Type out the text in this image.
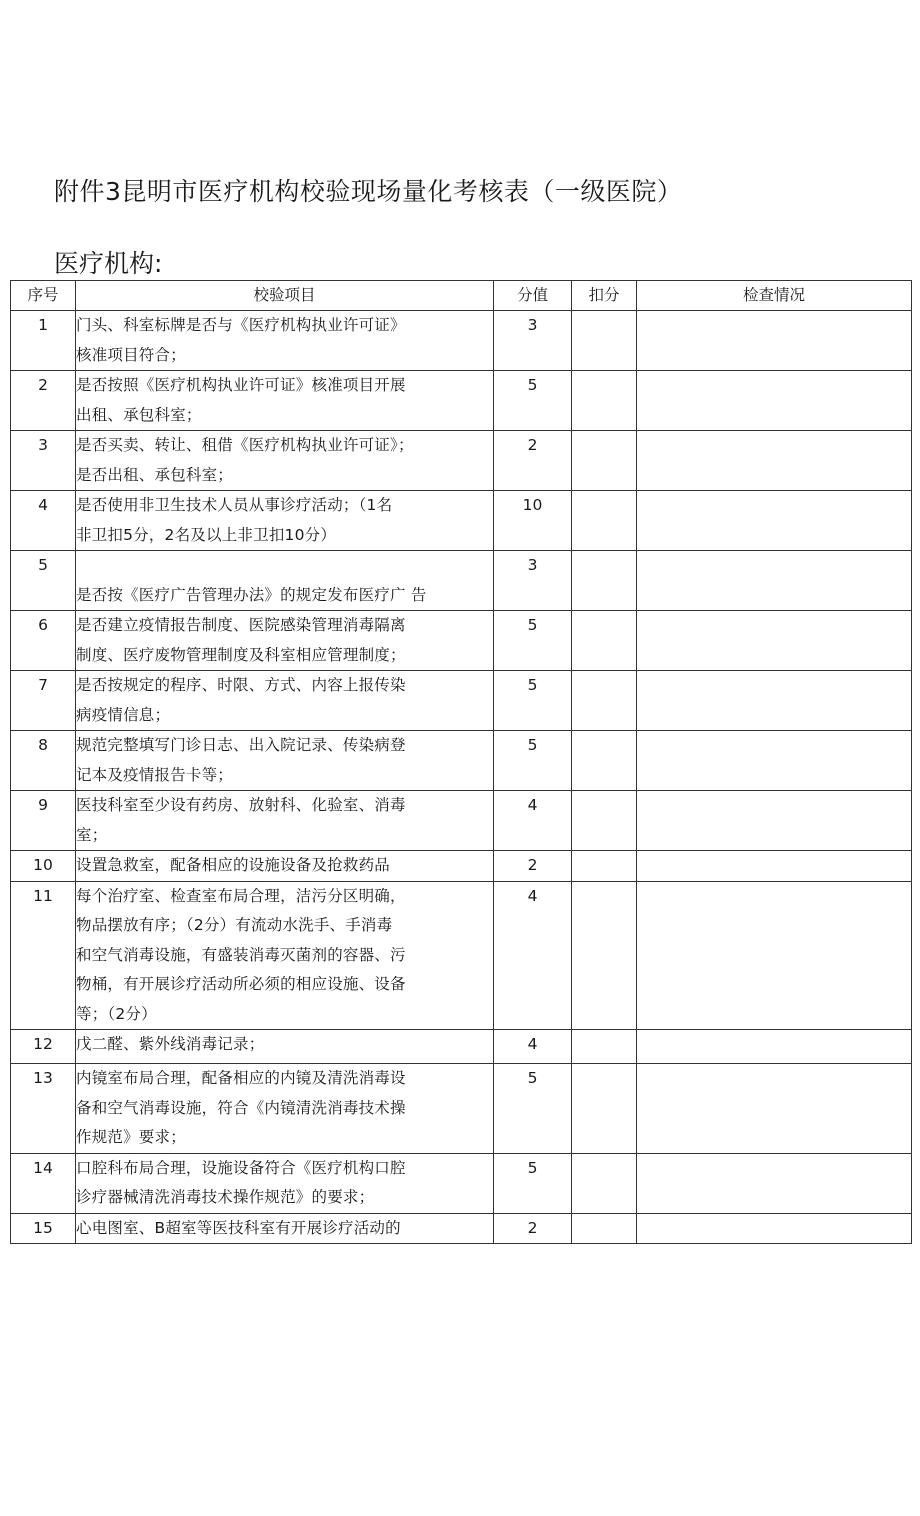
附件3昆明市医疗机构校验现场量化考核表（一级医院）
医疗机构:
序号	校验项目	分值	扣分	检查情况
1	门头、科室标牌是否与《医疗机构执业许可证》
核准项目符合；	3		
2	是否按照《医疗机构执业许可证》核准项目开展
出租、承包科室；	5		
3	是否买卖、转让、租借《医疗机构执业许可证》；
是否出租、承包科室；	2		
4	是否使用非卫生技术人员从事诊疗活动；（1名
非卫扣5分，2名及以上非卫扣10分）	10		
5	是否按《医疗广告管理办法》的规定发布医疗广 告	3		
6	是否建立疫情报告制度、医院感染管理消毒隔离
制度、医疗废物管理制度及科室相应管理制度；	5		
7	是否按规定的程序、时限、方式、内容上报传染
病疫情信息；	5		
8	规范完整填写门诊日志、出入院记录、传染病登
记本及疫情报告卡等；	5		
9	医技科室至少设有药房、放射科、化验室、消毒
室；	4		
10	设置急救室，配备相应的设施设备及抢救药品	2		
11	每个治疗室、检查室布局合理，洁污分区明确，
物品摆放有序；（2分）有流动水洗手、手消毒
和空气消毒设施，有盛装消毒灭菌剂的容器、污
物桶，有开展诊疗活动所必须的相应设施、设备
等；（2分）	4		
12	戊二醛、紫外线消毒记录；	4		
13	内镜室布局合理，配备相应的内镜及清洗消毒设
备和空气消毒设施，符合《内镜清洗消毒技术操
作规范》要求；	5		
14	口腔科布局合理，设施设备符合《医疗机构口腔
诊疗器械清洗消毒技术操作规范》的要求；	5		
15	心电图室、B超室等医技科室有开展诊疗活动的	2		
